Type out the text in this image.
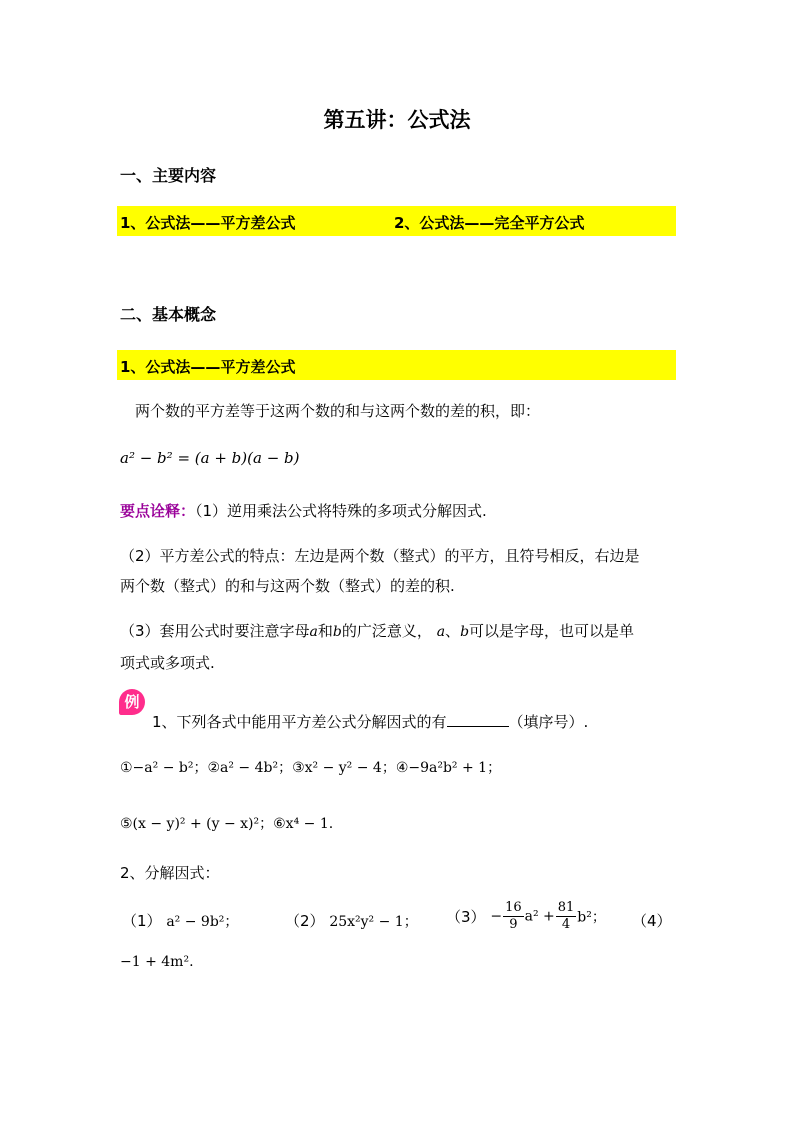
第五讲：公式法
一、主要内容
1、公式法——平方差公式	2、公式法——完全平方公式
二、基本概念
1、公式法——平方差公式
两个数的平方差等于这两个数的和与这两个数的差的积，即：
a² − b² = (a + b)(a − b)
要点诠释：（1）逆用乘法公式将特殊的多项式分解因式.
（2）平方差公式的特点：左边是两个数（整式）的平方，且符号相反，右边是
两个数（整式）的和与这两个数（整式）的差的积.
（3）套用公式时要注意字母a和b的广泛意义， a、b可以是字母，也可以是单
项式或多项式.
例
1、下列各式中能用平方差公式分解因式的有	（填序号）.
①−a² − b²；②a² − 4b²；③x² − y² − 4；④−9a²b² + 1；
⑤(x − y)² + (y − x)²；⑥x⁴ − 1.
2、分解因式：
（1） a² − 9b²；	（2） 25x²y² − 1； $(3) - \frac{16}{9} a^2 + \frac{81}{4} b^2$； （4）
−1 + 4m².
